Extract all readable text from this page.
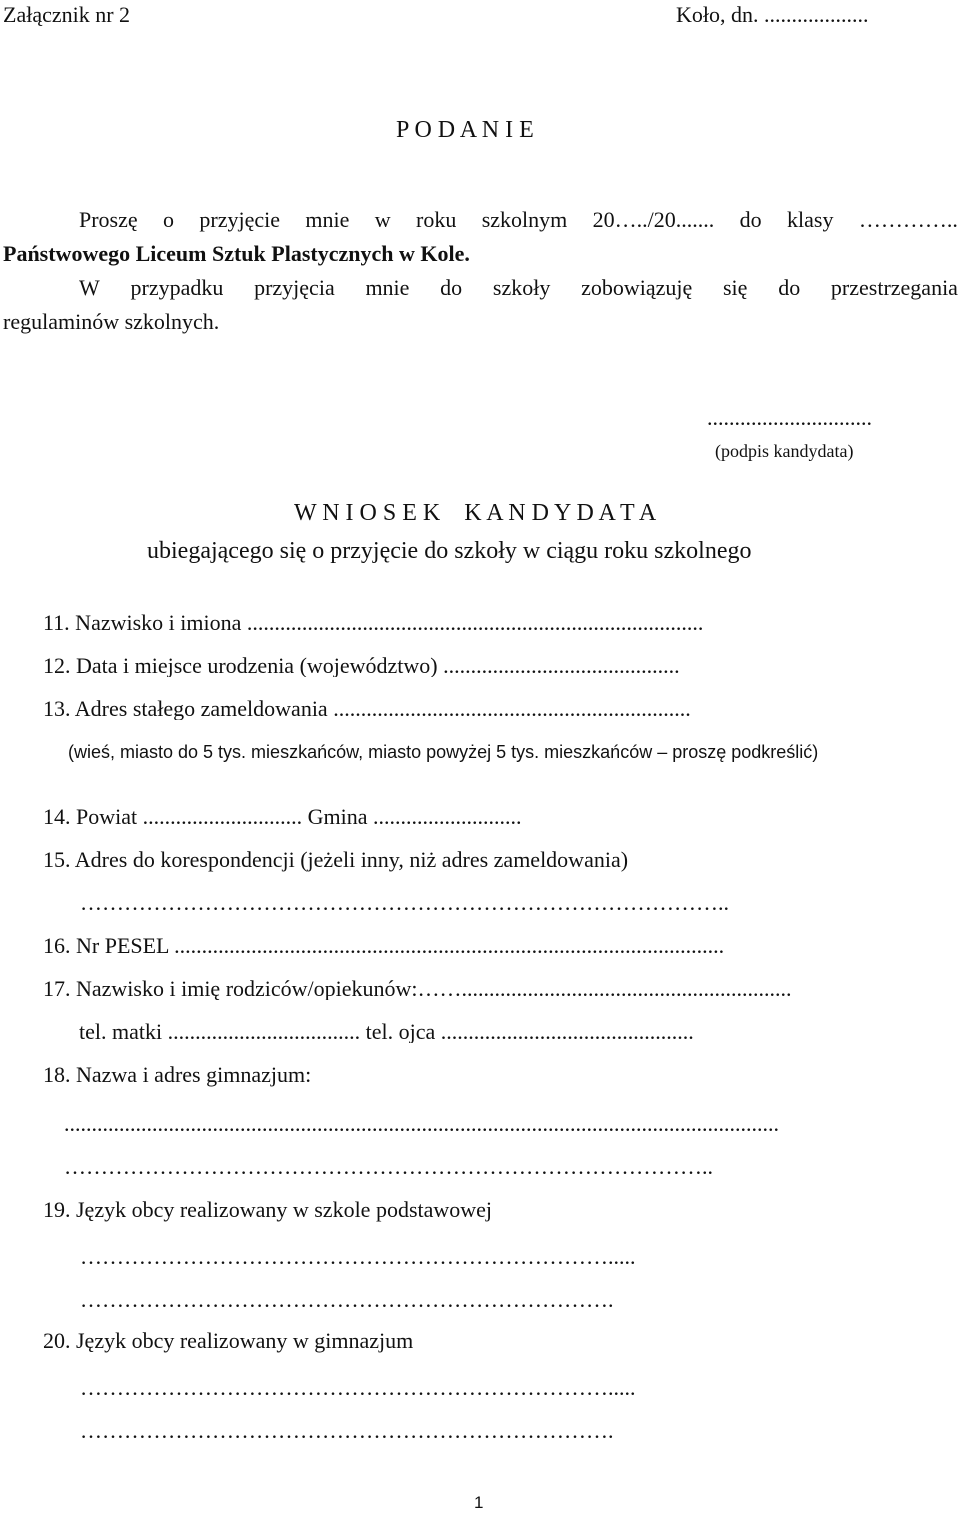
Załącznik nr 2	Koło, dn. ...................
P O D A N I E
Proszę o przyjęcie mnie w roku szkolnym 20…../20....... do klasy …………..
Państwowego Liceum Sztuk Plastycznych w Kole.
W przypadku przyjęcia mnie do szkoły zobowiązuję się do przestrzegania
regulaminów szkolnych.
..............................
(podpis kandydata)
W N I O S E K    K A N D Y D A T A
ubiegającego się o przyjęcie do szkoły w ciągu roku szkolnego
11. Nazwisko i imiona ...................................................................................
12. Data i miejsce urodzenia (województwo) ...........................................
13. Adres stałego zameldowania .................................................................
(wieś, miasto do 5 tys. mieszkańców, miasto powyżej 5 tys. mieszkańców – proszę podkreślić)
14. Powiat ............................. Gmina ...........................
15. Adres do korespondencji (jeżeli inny, niż adres zameldowania)
……………………………………………………………………………..
16. Nr PESEL ....................................................................................................
17. Nazwisko i imię rodziców/opiekunów:……............................................................
tel. matki ................................... tel. ojca ..............................................
18. Nazwa i adres gimnazjum:
..................................................................................................................................
……………………………………………………………………………..
19. Język obcy realizowany w szkole podstawowej
……………………………………………………………….....
……………………………………………………………….
20. Język obcy realizowany w gimnazjum
……………………………………………………………….....
……………………………………………………………….
1
